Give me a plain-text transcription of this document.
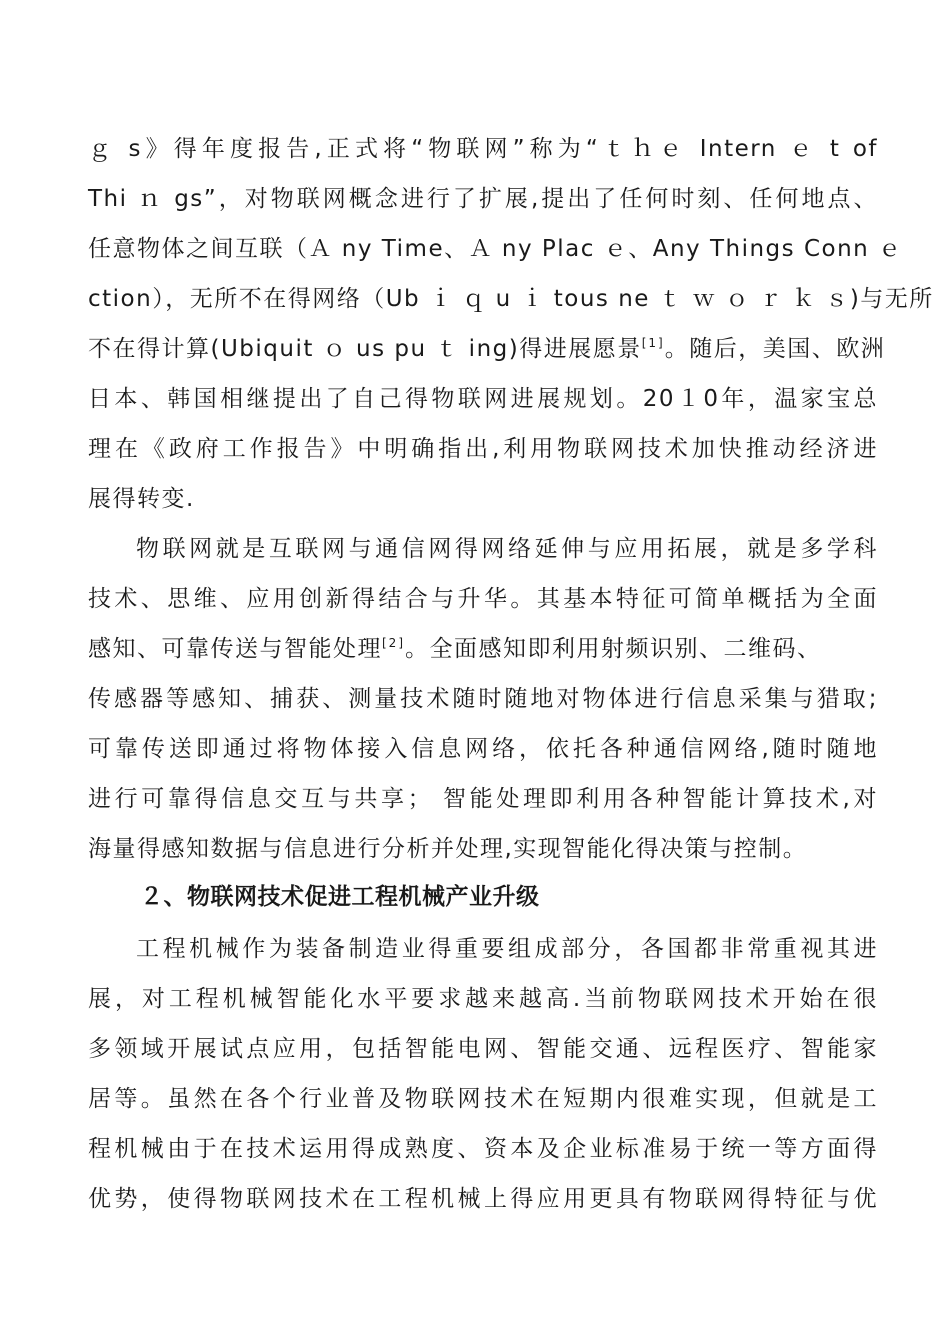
ｇ s》得年度报告,正式将“物联网”称为“ｔｈｅ Intern ｅ t of
Thi ｎ gs”，对物联网概念进行了扩展,提出了任何时刻、任何地点、
任意物体之间互联（Ａ ny Time、Ａ ny Plac ｅ、Any Things Conn ｅ
ction），无所不在得网络（Ub ｉ ｑ u ｉ tous ne ｔ ｗ ｏ ｒ ｋ ｓ)与无所
不在得计算(Ubiquit ｏ us pu ｔ ing)得进展愿景[1]。随后，美国、欧洲
日本、韩国相继提出了自己得物联网进展规划。20１0年，温家宝总
理在《政府工作报告》中明确指出,利用物联网技术加快推动经济进
展得转变.
物联网就是互联网与通信网得网络延伸与应用拓展，就是多学科
技术、思维、应用创新得结合与升华。其基本特征可简单概括为全面
感知、可靠传送与智能处理[2]。全面感知即利用射频识别、二维码、
传感器等感知、捕获、测量技术随时随地对物体进行信息采集与猎取;
可靠传送即通过将物体接入信息网络，依托各种通信网络,随时随地
进行可靠得信息交互与共享； 智能处理即利用各种智能计算技术,对
海量得感知数据与信息进行分析并处理,实现智能化得决策与控制。
２、物联网技术促进工程机械产业升级
工程机械作为装备制造业得重要组成部分，各国都非常重视其进
展，对工程机械智能化水平要求越来越高.当前物联网技术开始在很
多领域开展试点应用，包括智能电网、智能交通、远程医疗、智能家
居等。虽然在各个行业普及物联网技术在短期内很难实现，但就是工
程机械由于在技术运用得成熟度、资本及企业标准易于统一等方面得
优势，使得物联网技术在工程机械上得应用更具有物联网得特征与优
